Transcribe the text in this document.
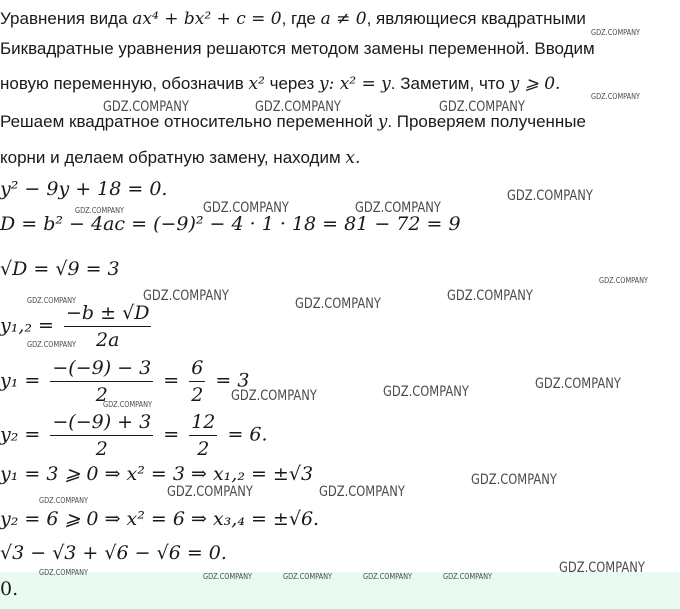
Уравнения вида ax⁴ + bx² + c = 0, где a ≠ 0, являющиеся квадратными
Биквадратные уравнения решаются методом замены переменной. Вводим
новую переменную, обозначив x² через y: x² = y. Заметим, что y ⩾ 0.
Решаем квадратное относительно переменной y. Проверяем полученные
корни и делаем обратную замену, находим x.
y² − 9y + 18 = 0.
D = b² − 4ac = (−9)² − 4 · 1 · 18 = 81 − 72 = 9
√D = √9 = 3
$y_1,_2 = \frac{-b \pm √D}{2a}$
$y_1 = \frac{-(-9) - 3}{2} = \frac{6}{2} = 3$
$y_2 = \frac{-(-9) + 3}{2} = \frac{12}{2} = 6$.
y₁ = 3 ⩾ 0 ⇒ x² = 3 ⇒ x₁,₂ = ±√3
y₂ = 6 ⩾ 0 ⇒ x² = 6 ⇒ x₃,₄ = ±√6.
√3 − √3 + √6 − √6 = 0.
0.
GDZ.COMPANY	GDZ.COMPANY	GDZ.COMPANY
GDZ.COMPANY
GDZ.COMPANY	GDZ.COMPANY
GDZ.COMPANY	GDZ.COMPANY	GDZ.COMPANY
GDZ.COMPANY
GDZ.COMPANY	GDZ.COMPANY
GDZ.COMPANY
GDZ.COMPANY	GDZ.COMPANY
GDZ.COMPANY
GDZ.COMPANY
GDZ.COMPANY
GDZ.COMPANY
GDZ.COMPANY
GDZ.COMPANY
GDZ.COMPANY
GDZ.COMPANY
GDZ.COMPANY
GDZ.COMPANY	GDZ.COMPANY	GDZ.COMPANY	GDZ.COMPANY	GDZ.COMPANY
